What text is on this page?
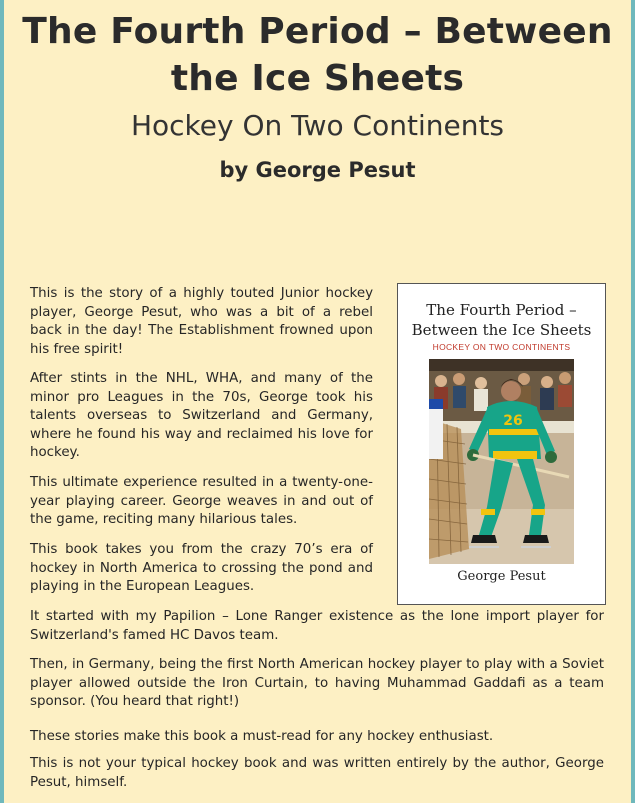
The Fourth Period – Between
the Ice Sheets
Hockey On Two Continents
by George Pesut

This is the story of a highly touted Junior hockey player, George Pesut, who was a bit of a rebel back in the day! The Establishment frowned upon his free spirit!

After stints in the NHL, WHA, and many of the minor pro Leagues in the 70s, George took his talents overseas to Switzerland and Germany, where he found his way and reclaimed his love for hockey.

This ultimate experience resulted in a twenty-one-year playing career. George weaves in and out of the game, reciting many hilarious tales.

This book takes you from the crazy 70’s era of hockey in North America to crossing the pond and playing in the European Leagues.

It started with my Papilion – Lone Ranger existence as the lone import player for Switzerland's famed HC Davos team.

Then, in Germany, being the first North American hockey player to play with a Soviet player allowed outside the Iron Curtain, to having Muhammad Gaddafi as a team sponsor. (You heard that right!)

These stories make this book a must-read for any hockey enthusiast.

This is not your typical hockey book and was written entirely by the author, George Pesut, himself.

The Fourth Period –
Between the Ice Sheets
HOCKEY ON TWO CONTINENTS
26
George Pesut
